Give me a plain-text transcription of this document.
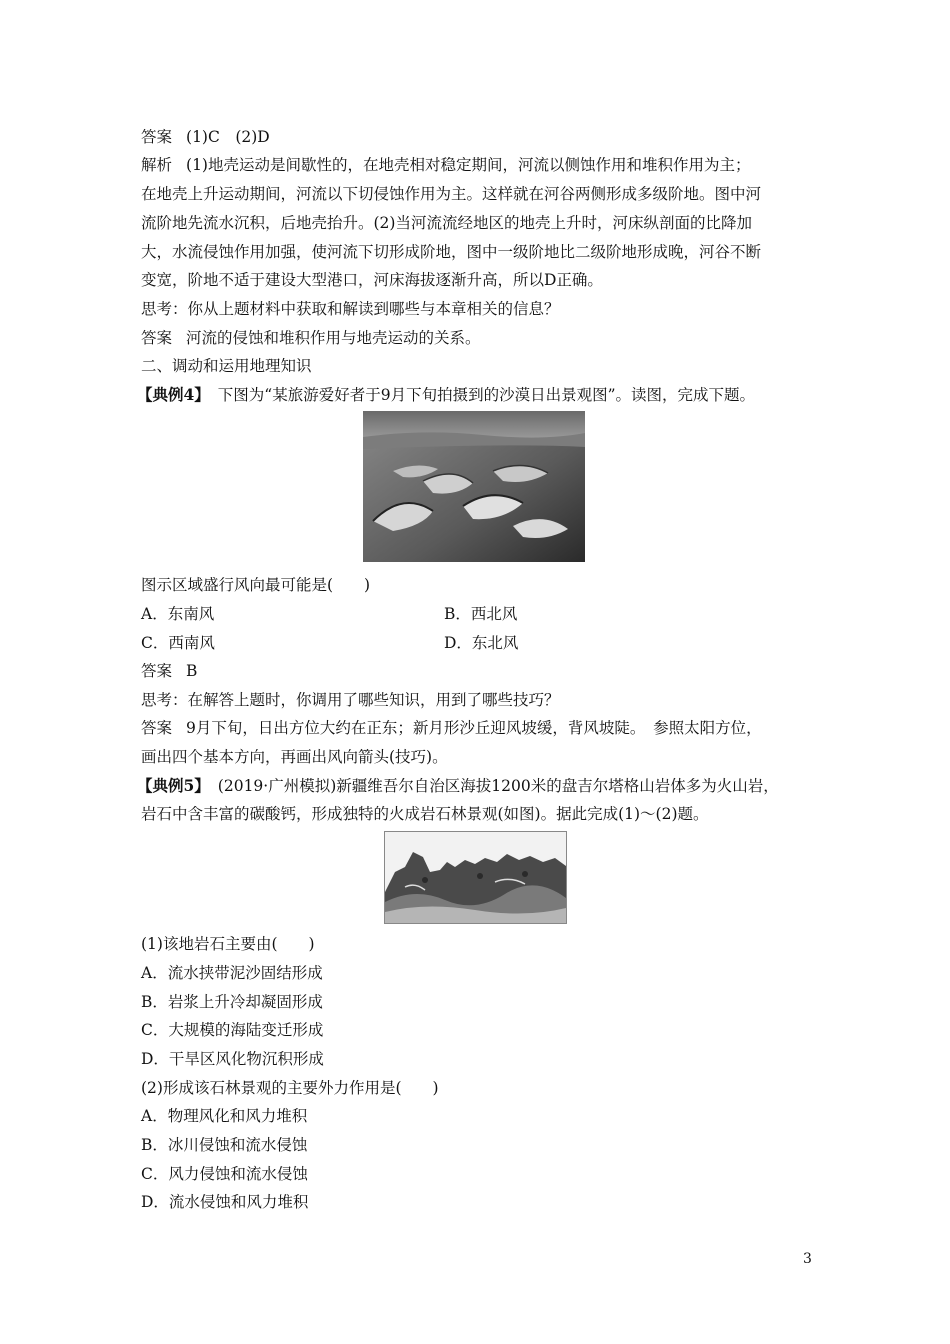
答案 (1)C　(2)D
解析 (1)地壳运动是间歇性的，在地壳相对稳定期间，河流以侧蚀作用和堆积作用为主；
在地壳上升运动期间，河流以下切侵蚀作用为主。这样就在河谷两侧形成多级阶地。图中河
流阶地先流水沉积，后地壳抬升。(2)当河流流经地区的地壳上升时，河床纵剖面的比降加
大，水流侵蚀作用加强，使河流下切形成阶地，图中一级阶地比二级阶地形成晚，河谷不断
变宽，阶地不适于建设大型港口，河床海拔逐渐升高，所以D正确。
思考：你从上题材料中获取和解读到哪些与本章相关的信息？
答案 河流的侵蚀和堆积作用与地壳运动的关系。
二、调动和运用地理知识
【典例4】 下图为“某旅游爱好者于9月下旬拍摄到的沙漠日出景观图”。读图，完成下题。
图示区域盛行风向最可能是(　　)
A．东南风	B．西北风
C．西南风	D．东北风
答案 B
思考：在解答上题时，你调用了哪些知识，用到了哪些技巧？
答案 9月下旬，日出方位大约在正东；新月形沙丘迎风坡缓，背风坡陡。　参照太阳方位，
画出四个基本方向，再画出风向箭头(技巧)。
【典例5】 (2019·广州模拟)新疆维吾尔自治区海拔1200米的盘吉尔塔格山岩体多为火山岩，
岩石中含丰富的碳酸钙，形成独特的火成岩石林景观(如图)。据此完成(1)～(2)题。
(1)该地岩石主要由(　　)
A．流水挟带泥沙固结形成
B．岩浆上升冷却凝固形成
C．大规模的海陆变迁形成
D．干旱区风化物沉积形成
(2)形成该石林景观的主要外力作用是(　　)
A．物理风化和风力堆积
B．冰川侵蚀和流水侵蚀
C．风力侵蚀和流水侵蚀
D．流水侵蚀和风力堆积
3
